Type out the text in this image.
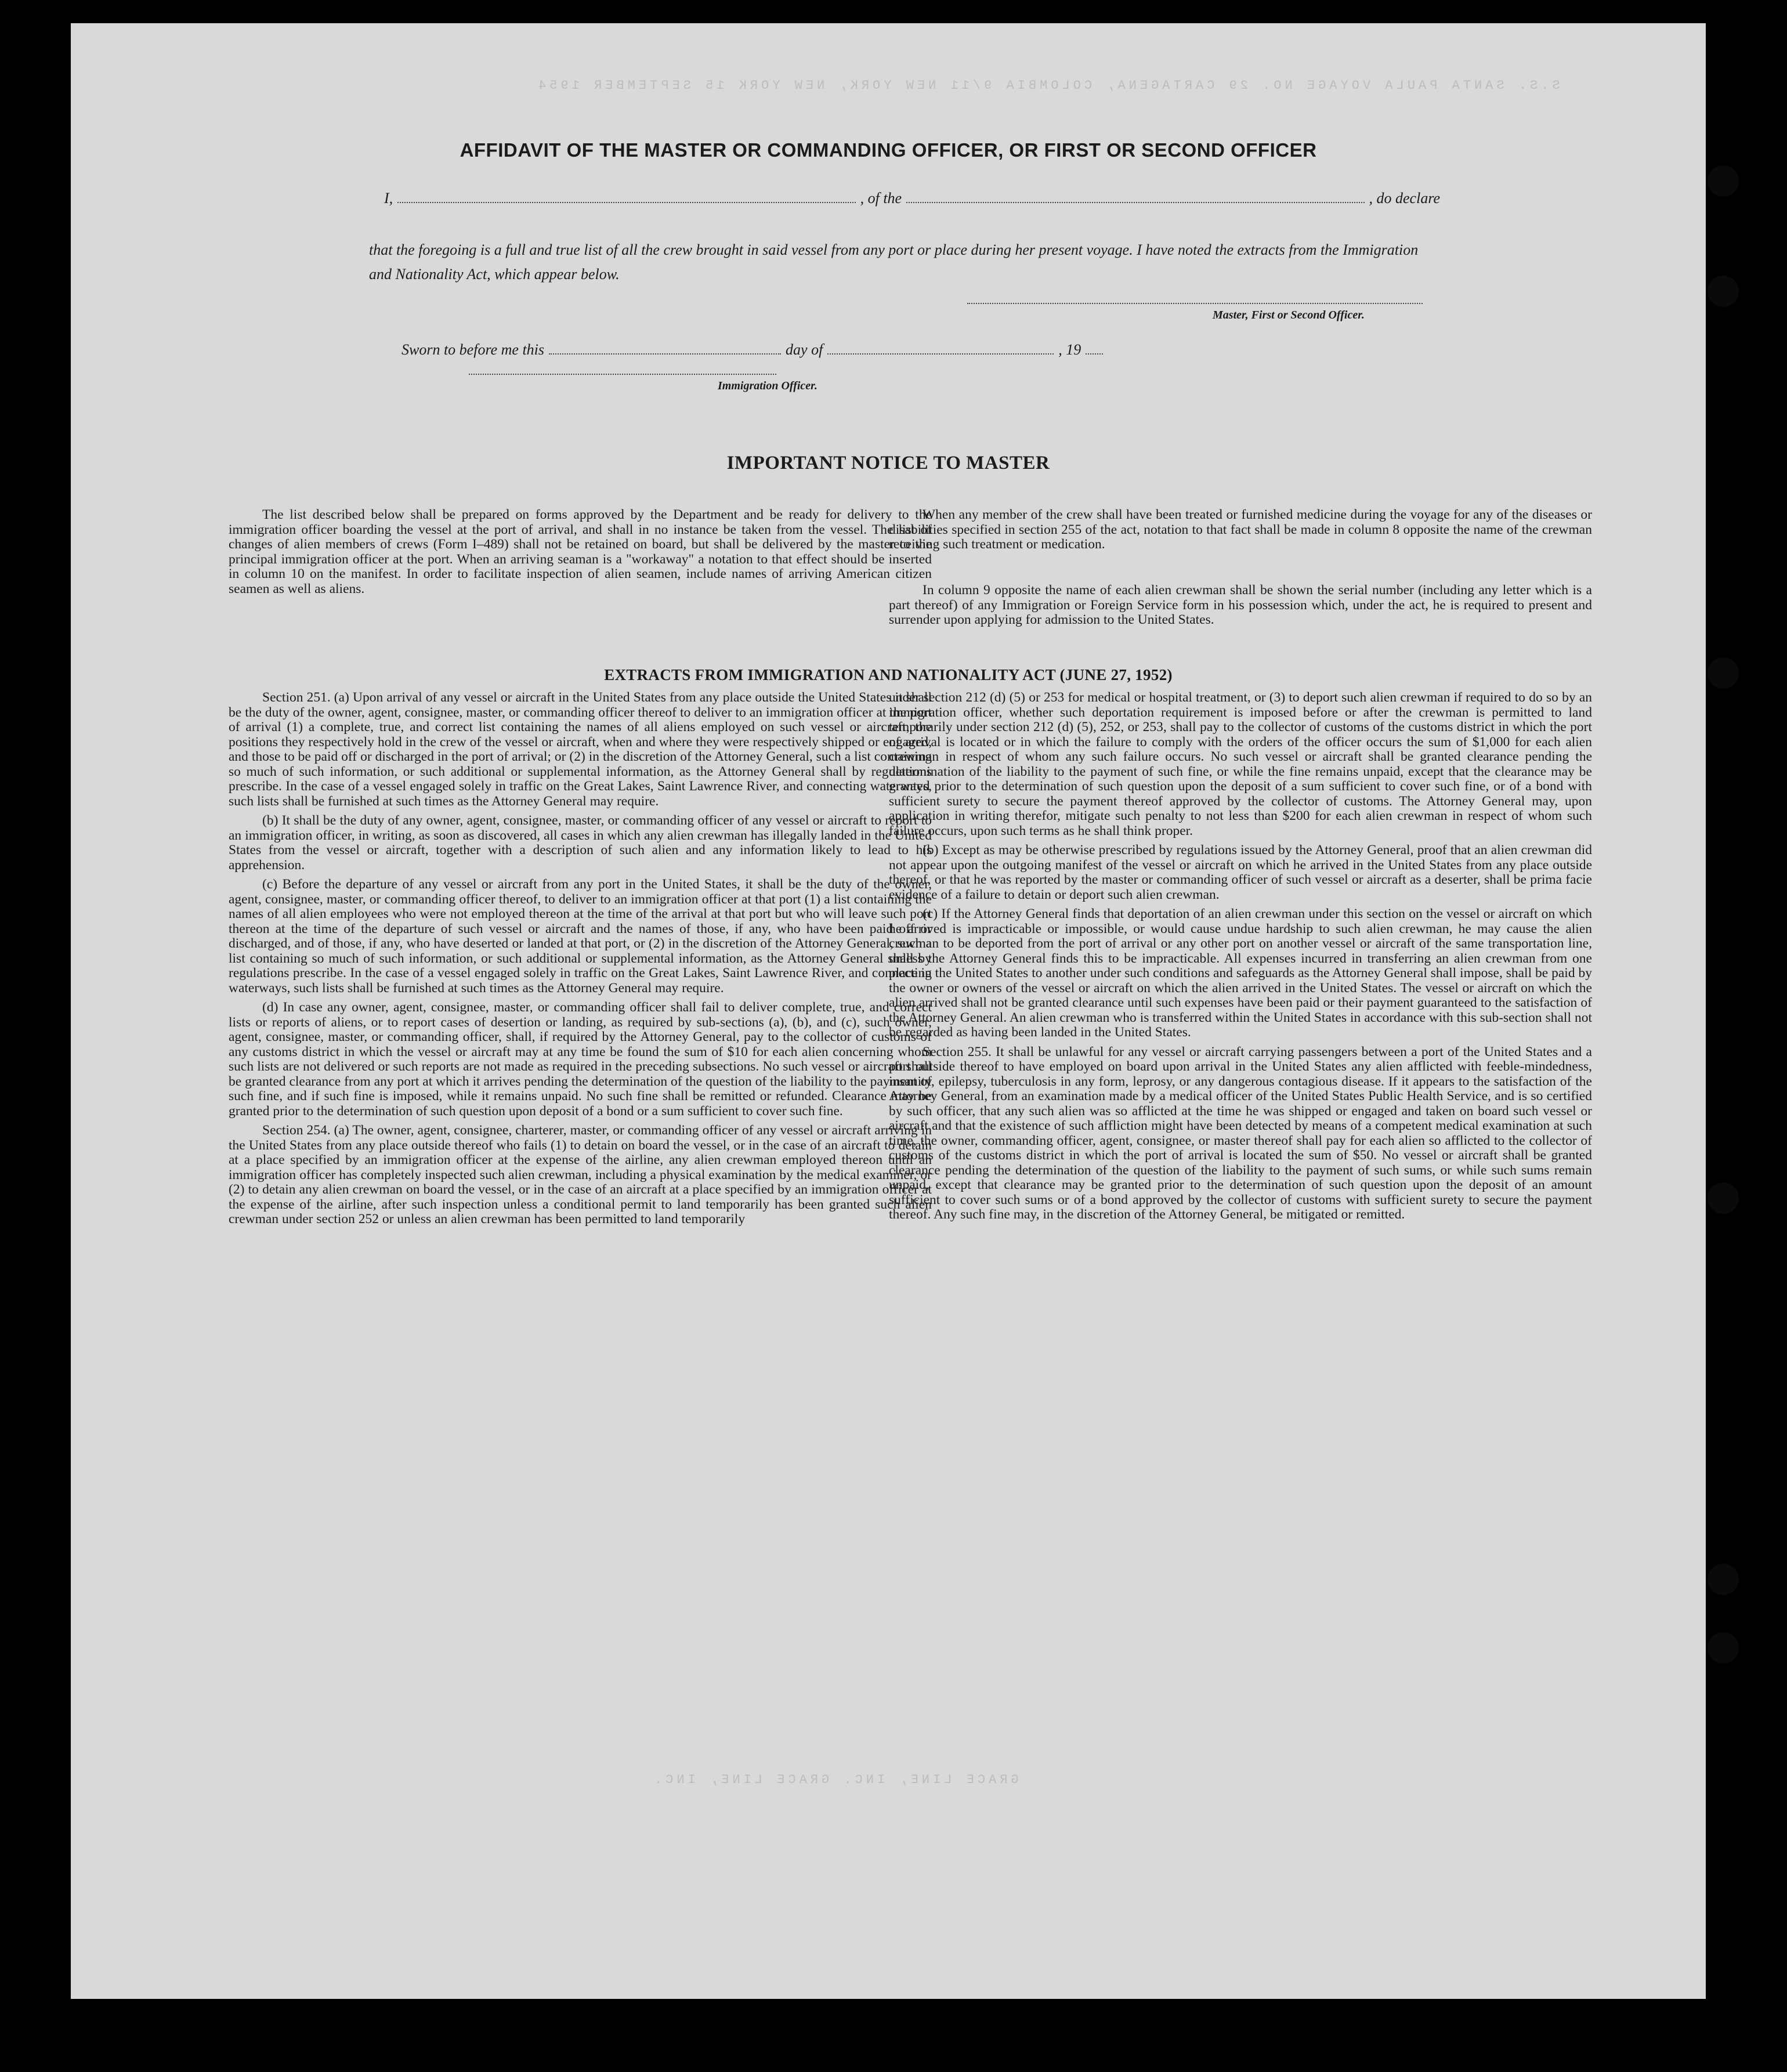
S.S. SANTA PAULA VOYAGE NO. 29 CARTAGENA, COLOMBIA 9/11 NEW YORK, NEW YORK 15 SEPTEMBER 1954
AFFIDAVIT OF THE MASTER OR COMMANDING OFFICER, OR FIRST OR SECOND OFFICER
I,	, of the	, do declare
that the foregoing is a full and true list of all the crew brought in said vessel from any port or place during her present voyage. I have noted the extracts from the Immigration and Nationality Act, which appear below.
Master, First or Second Officer.
Sworn to before me this	day of	, 19
Immigration Officer.
IMPORTANT NOTICE TO MASTER

The list described below shall be prepared on forms approved by the Department and be ready for delivery to the immigration officer boarding the vessel at the port of arrival, and shall in no instance be taken from the vessel. The list of changes of alien members of crews (Form I–489) shall not be retained on board, but shall be delivered by the master to the principal immigration officer at the port. When an arriving seaman is a "workaway" a notation to that effect should be inserted in column 10 on the manifest. In order to facilitate inspection of alien seamen, include names of arriving American citizen seamen as well as aliens.

When any member of the crew shall have been treated or furnished medicine during the voyage for any of the diseases or disabilities specified in section 255 of the act, notation to that fact shall be made in column 8 opposite the name of the crewman receiving such treatment or medication.

In column 9 opposite the name of each alien crewman shall be shown the serial number (including any letter which is a part thereof) of any Immigration or Foreign Service form in his possession which, under the act, he is required to present and surrender upon applying for admission to the United States.

EXTRACTS FROM IMMIGRATION AND NATIONALITY ACT (JUNE 27, 1952)

Section 251. (a) Upon arrival of any vessel or aircraft in the United States from any place outside the United States it shall be the duty of the owner, agent, consignee, master, or commanding officer thereof to deliver to an immigration officer at the port of arrival (1) a complete, true, and correct list containing the names of all aliens employed on such vessel or aircraft, the positions they respectively hold in the crew of the vessel or aircraft, when and where they were respectively shipped or engaged, and those to be paid off or discharged in the port of arrival; or (2) in the discretion of the Attorney General, such a list containing so much of such information, or such additional or supplemental information, as the Attorney General shall by regulations prescribe. In the case of a vessel engaged solely in traffic on the Great Lakes, Saint Lawrence River, and connecting waterways, such lists shall be furnished at such times as the Attorney General may require.

(b) It shall be the duty of any owner, agent, consignee, master, or commanding officer of any vessel or aircraft to report to an immigration officer, in writing, as soon as discovered, all cases in which any alien crewman has illegally landed in the United States from the vessel or aircraft, together with a description of such alien and any information likely to lead to his apprehension.

(c) Before the departure of any vessel or aircraft from any port in the United States, it shall be the duty of the owner, agent, consignee, master, or commanding officer thereof, to deliver to an immigration officer at that port (1) a list containing the names of all alien employees who were not employed thereon at the time of the arrival at that port but who will leave such port thereon at the time of the departure of such vessel or aircraft and the names of those, if any, who have been paid off or discharged, and of those, if any, who have deserted or landed at that port, or (2) in the discretion of the Attorney General, such a list containing so much of such information, or such additional or supplemental information, as the Attorney General shall by regulations prescribe. In the case of a vessel engaged solely in traffic on the Great Lakes, Saint Lawrence River, and connecting waterways, such lists shall be furnished at such times as the Attorney General may require.

(d) In case any owner, agent, consignee, master, or commanding officer shall fail to deliver complete, true, and correct lists or reports of aliens, or to report cases of desertion or landing, as required by sub-sections (a), (b), and (c), such owner, agent, consignee, master, or commanding officer, shall, if required by the Attorney General, pay to the collector of customs of any customs district in which the vessel or aircraft may at any time be found the sum of $10 for each alien concerning whom such lists are not delivered or such reports are not made as required in the preceding subsections. No such vessel or aircraft shall be granted clearance from any port at which it arrives pending the determination of the question of the liability to the payment of such fine, and if such fine is imposed, while it remains unpaid. No such fine shall be remitted or refunded. Clearance may be granted prior to the determination of such question upon deposit of a bond or a sum sufficient to cover such fine.

Section 254. (a) The owner, agent, consignee, charterer, master, or commanding officer of any vessel or aircraft arriving in the United States from any place outside thereof who fails (1) to detain on board the vessel, or in the case of an aircraft to detain at a place specified by an immigration officer at the expense of the airline, any alien crewman employed thereon until an immigration officer has completely inspected such alien crewman, including a physical examination by the medical examiner, or (2) to detain any alien crewman on board the vessel, or in the case of an aircraft at a place specified by an immigration officer at the expense of the airline, after such inspection unless a conditional permit to land temporarily has been granted such alien crewman under section 252 or unless an alien crewman has been permitted to land temporarily

under section 212 (d) (5) or 253 for medical or hospital treatment, or (3) to deport such alien crewman if required to do so by an immigration officer, whether such deportation requirement is imposed before or after the crewman is permitted to land temporarily under section 212 (d) (5), 252, or 253, shall pay to the collector of customs of the customs district in which the port of arrival is located or in which the failure to comply with the orders of the officer occurs the sum of $1,000 for each alien crewman in respect of whom any such failure occurs. No such vessel or aircraft shall be granted clearance pending the determination of the liability to the payment of such fine, or while the fine remains unpaid, except that the clearance may be granted prior to the determination of such question upon the deposit of a sum sufficient to cover such fine, or of a bond with sufficient surety to secure the payment thereof approved by the collector of customs. The Attorney General may, upon application in writing therefor, mitigate such penalty to not less than $200 for each alien crewman in respect of whom such failure occurs, upon such terms as he shall think proper.

(b) Except as may be otherwise prescribed by regulations issued by the Attorney General, proof that an alien crewman did not appear upon the outgoing manifest of the vessel or aircraft on which he arrived in the United States from any place outside thereof, or that he was reported by the master or commanding officer of such vessel or aircraft as a deserter, shall be prima facie evidence of a failure to detain or deport such alien crewman.

(c) If the Attorney General finds that deportation of an alien crewman under this section on the vessel or aircraft on which he arrived is impracticable or impossible, or would cause undue hardship to such alien crewman, he may cause the alien crewman to be deported from the port of arrival or any other port on another vessel or aircraft of the same transportation line, unless the Attorney General finds this to be impracticable. All expenses incurred in transferring an alien crewman from one place in the United States to another under such conditions and safeguards as the Attorney General shall impose, shall be paid by the owner or owners of the vessel or aircraft on which the alien arrived in the United States. The vessel or aircraft on which the alien arrived shall not be granted clearance until such expenses have been paid or their payment guaranteed to the satisfaction of the Attorney General. An alien crewman who is transferred within the United States in accordance with this sub-section shall not be regarded as having been landed in the United States.

Section 255. It shall be unlawful for any vessel or aircraft carrying passengers between a port of the United States and a port outside thereof to have employed on board upon arrival in the United States any alien afflicted with feeble-mindedness, insanity, epilepsy, tuberculosis in any form, leprosy, or any dangerous contagious disease. If it appears to the satisfaction of the Attorney General, from an examination made by a medical officer of the United States Public Health Service, and is so certified by such officer, that any such alien was so afflicted at the time he was shipped or engaged and taken on board such vessel or aircraft and that the existence of such affliction might have been detected by means of a competent medical examination at such time, the owner, commanding officer, agent, consignee, or master thereof shall pay for each alien so afflicted to the collector of customs of the customs district in which the port of arrival is located the sum of $50. No vessel or aircraft shall be granted clearance pending the determination of the question of the liability to the payment of such sums, or while such sums remain unpaid, except that clearance may be granted prior to the determination of such question upon the deposit of an amount sufficient to cover such sums or of a bond approved by the collector of customs with sufficient surety to secure the payment thereof. Any such fine may, in the discretion of the Attorney General, be mitigated or remitted.

GRACE LINE, INC. GRACE LINE, INC.
